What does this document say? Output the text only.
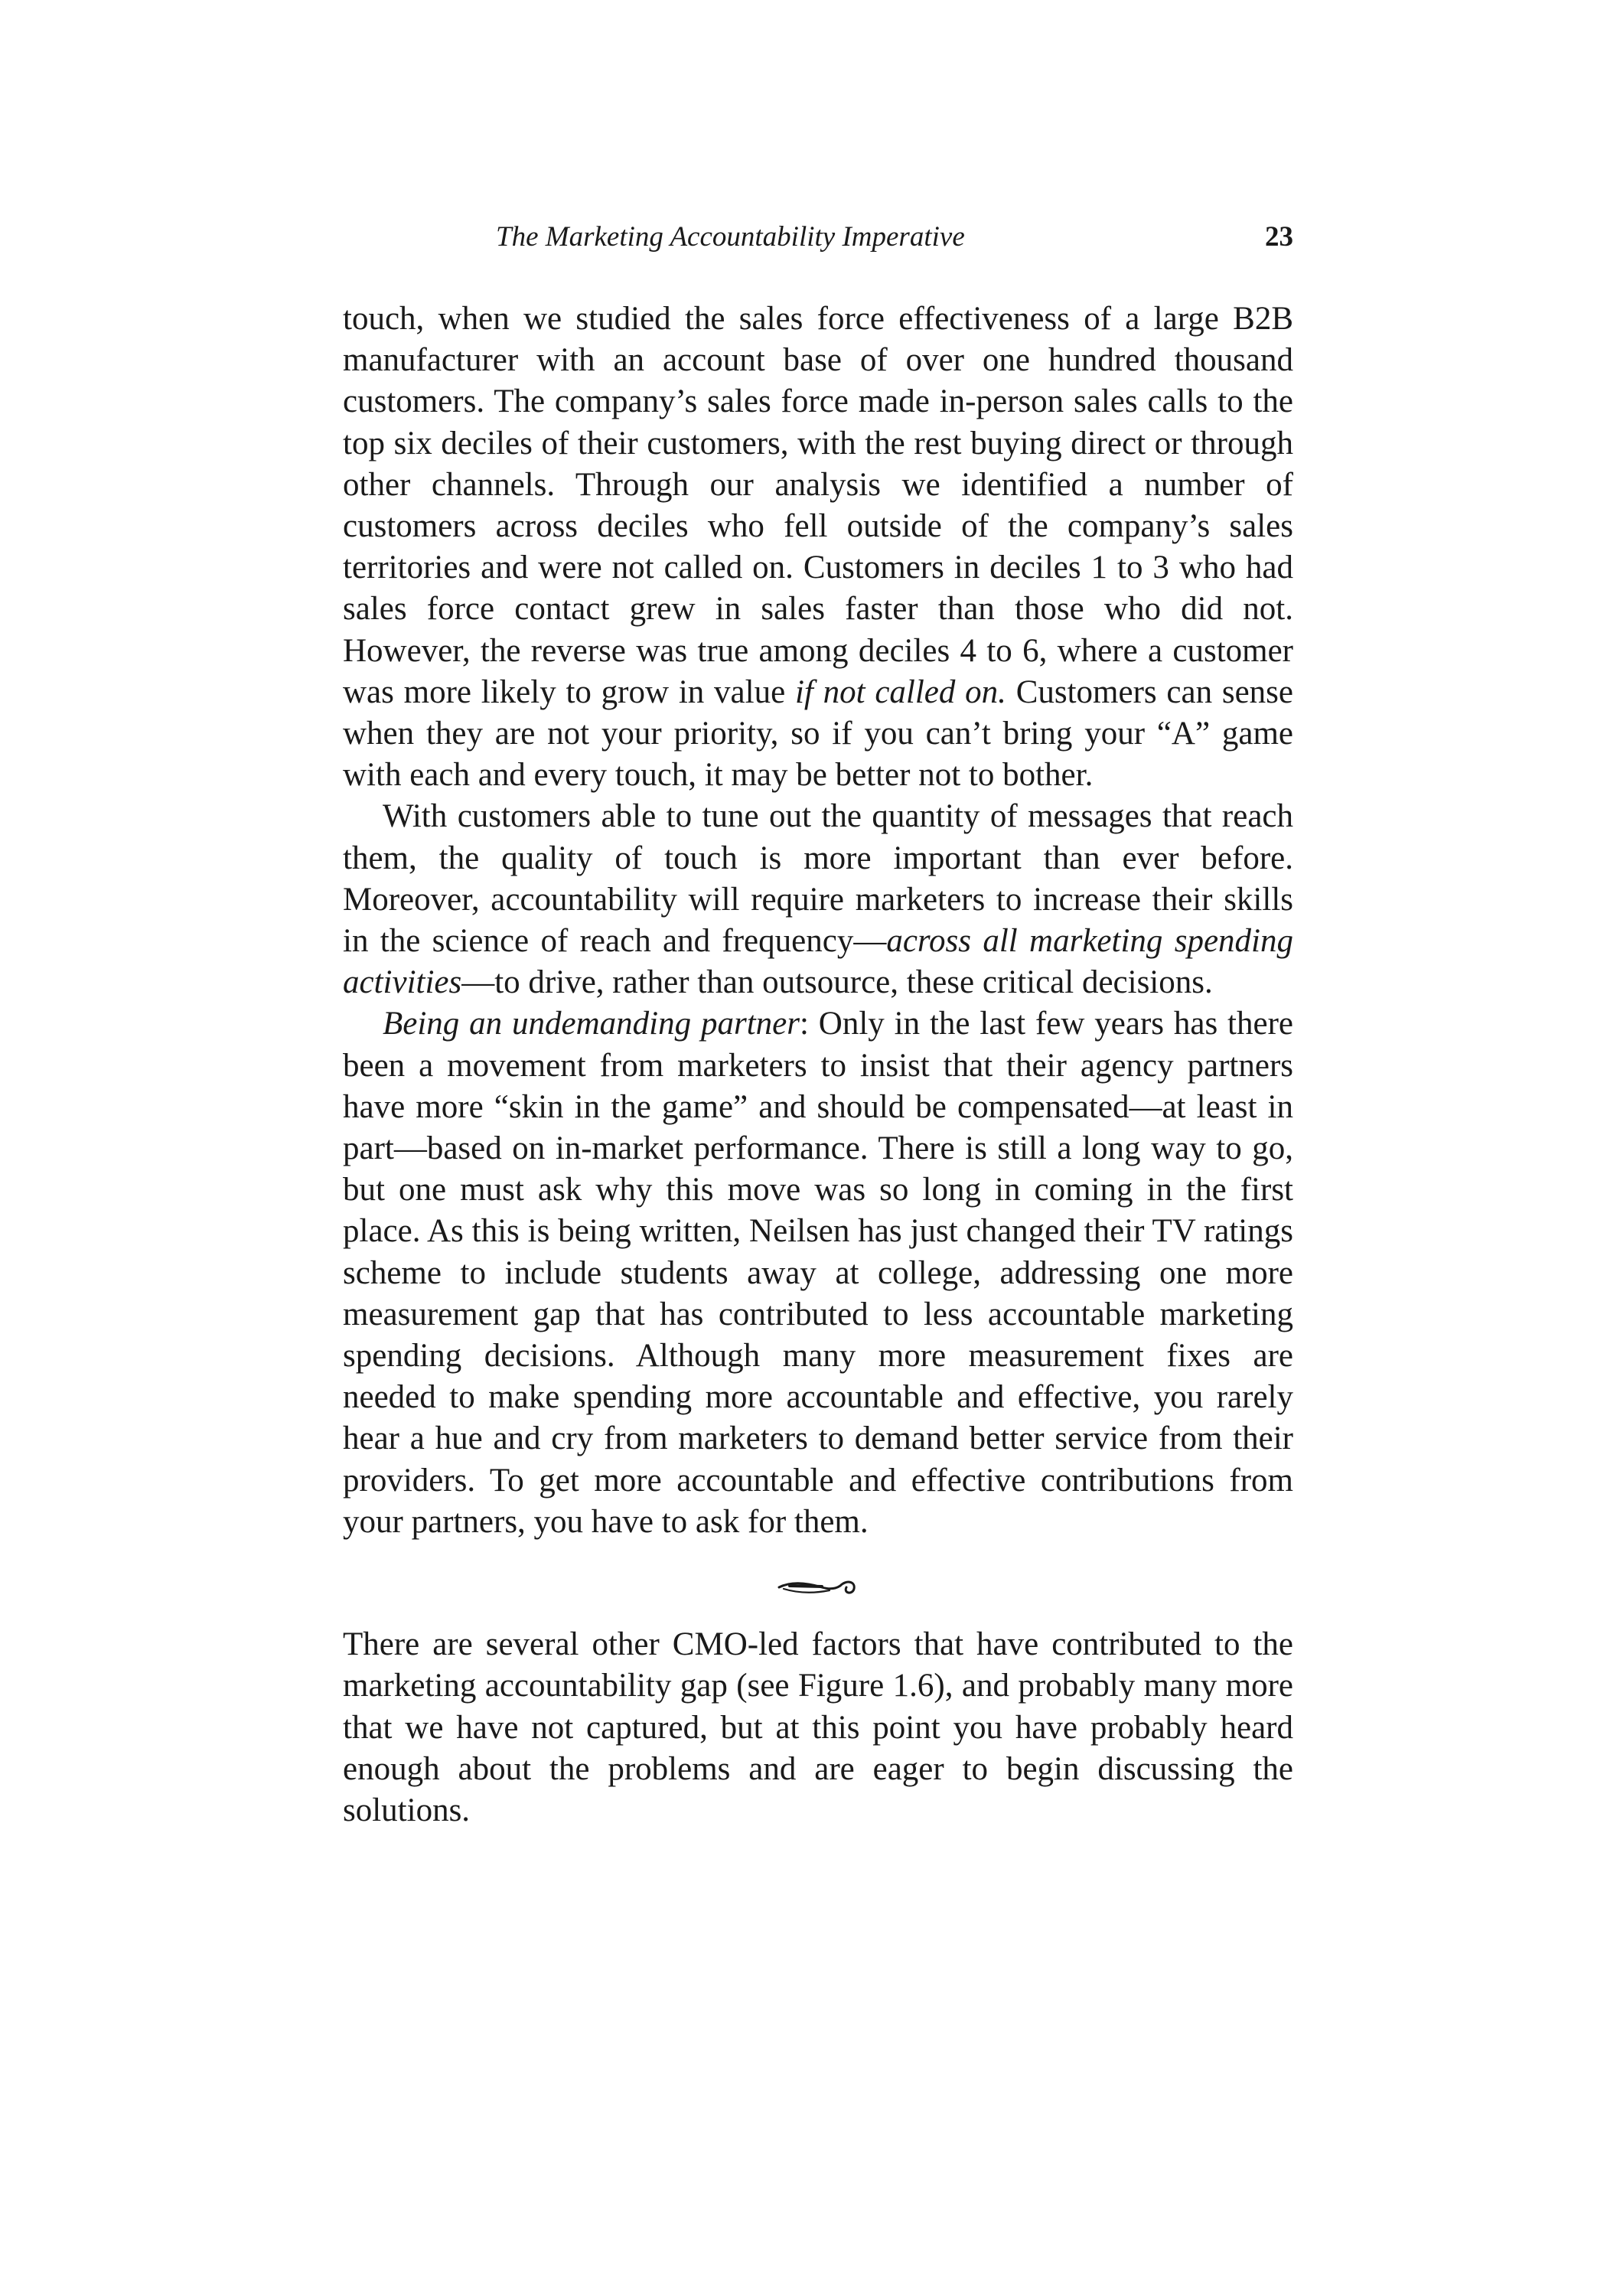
The Marketing Accountability Imperative	23

touch, when we studied the sales force effectiveness of a large B2B manufacturer with an account base of over one hundred thousand customers. The company’s sales force made in-person sales calls to the top six deciles of their customers, with the rest buying direct or through other channels. Through our analysis we identified a number of customers across deciles who fell outside of the company’s sales territories and were not called on. Customers in deciles 1 to 3 who had sales force contact grew in sales faster than those who did not. However, the reverse was true among deciles 4 to 6, where a customer was more likely to grow in value if not called on. Customers can sense when they are not your priority, so if you can’t bring your “A” game with each and every touch, it may be better not to bother.

With customers able to tune out the quantity of messages that reach them, the quality of touch is more important than ever before. Moreover, accountability will require marketers to increase their skills in the science of reach and frequency—across all marketing spending activities—to drive, rather than outsource, these critical decisions.

Being an undemanding partner: Only in the last few years has there been a movement from marketers to insist that their agency partners have more “skin in the game” and should be compensated—at least in part—based on in-market performance. There is still a long way to go, but one must ask why this move was so long in coming in the first place. As this is being written, Neilsen has just changed their TV ratings scheme to include students away at college, addressing one more measurement gap that has contributed to less accountable marketing spending decisions. Although many more measurement fixes are needed to make spending more accountable and effective, you rarely hear a hue and cry from marketers to demand better service from their providers. To get more accountable and effective contributions from your partners, you have to ask for them.

There are several other CMO-led factors that have contributed to the marketing accountability gap (see Figure 1.6), and probably many more that we have not captured, but at this point you have probably heard enough about the problems and are eager to begin discussing the solutions.
